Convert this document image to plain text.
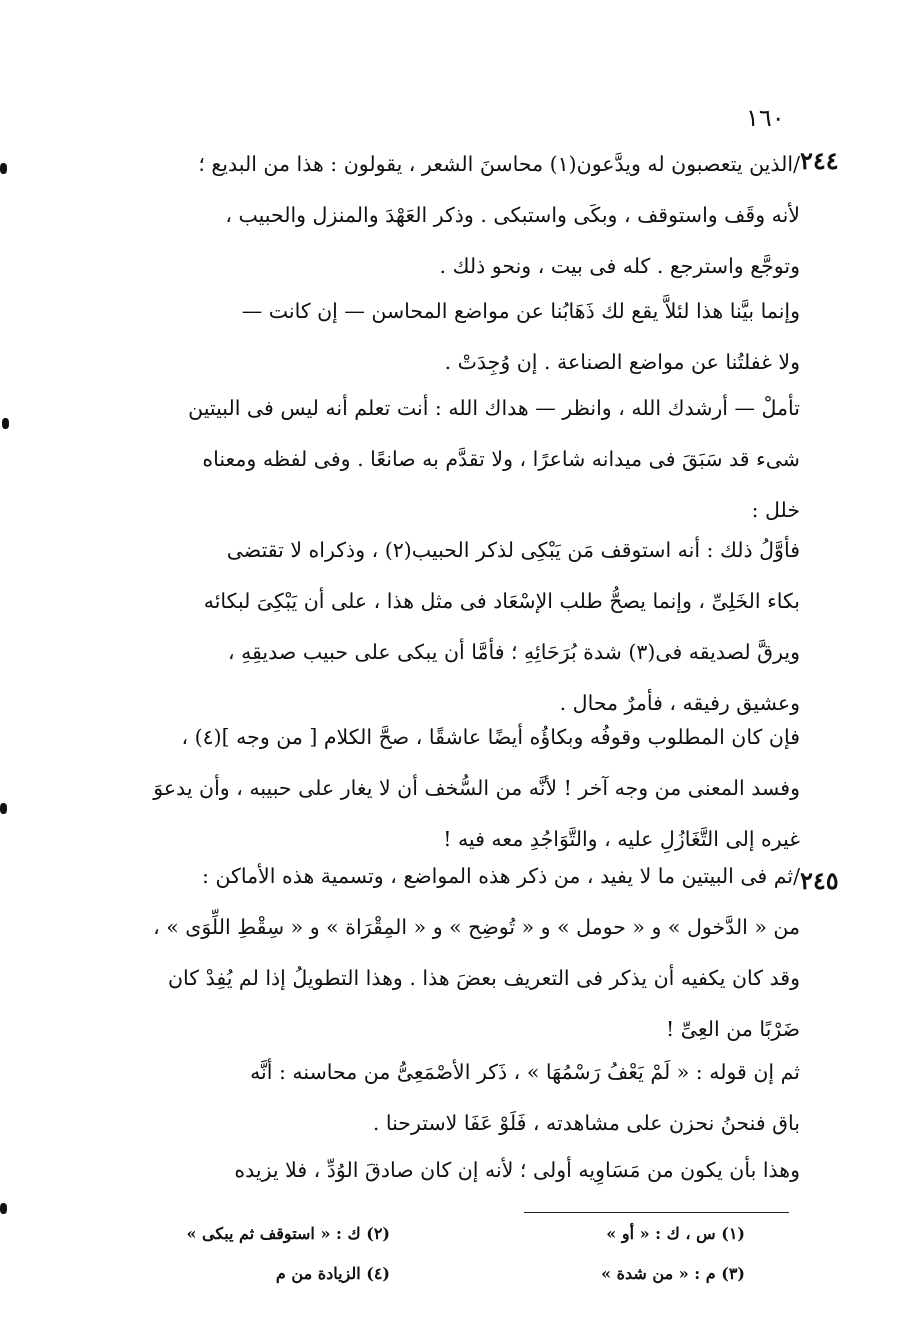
١٦٠
٢٤٤
٢٤٥
/الذين يتعصبون له ويدَّعون(١) محاسنَ الشعر ، يقولون : هذا من البديع ؛
لأنه وقَف واستوقف ، وبكَى واستبكى . وذكر العَهْدَ والمنزل والحبيب ،
وتوجَّع واسترجع . كله فى بيت ، ونحو ذلك .
وإنما بيَّنا هذا لئلاَّ يقع لك ذَهَابُنا عن مواضع المحاسن — إن كانت —
ولا غفلتُنا عن مواضع الصناعة . إن وُجِدَتْ .
تأملْ — أرشدك الله ، وانظر — هداك الله : أنت تعلم أنه ليس فى البيتين
شىء قد سَبَقَ فى ميدانه شاعرًا ، ولا تقدَّم به صانعًا . وفى لفظه ومعناه
خلل :
فأوَّلُ ذلك : أنه استوقف مَن يَبْكِى لذكر الحبيب(٢) ، وذكراه لا تقتضى
بكاء الخَلِىِّ ، وإنما يصحُّ طلب الإسْعَاد فى مثل هذا ، على أن يَبْكِىَ لبكائه
ويرقَّ لصديقه فى(٣) شدة بُرَحَائِهِ ؛ فأمَّا أن يبكى على حبيب صديقِهِ ،
وعشيق رفيقه ، فأمرٌ محال .
فإن كان المطلوب وقوفُه وبكاؤُه أيضًا عاشقًا ، صحَّ الكلام [ من وجه ](٤) ،
وفسد المعنى من وجه آخر ! لأنَّه من السُّخف أن لا يغار على حبيبه ، وأن يدعوَ
غيره إلى التَّغَازُلِ عليه ، والتَّوَاجُدِ معه فيه !
/ثم فى البيتين ما لا يفيد ، من ذكر هذه المواضع ، وتسمية هذه الأماكن :
من « الدَّخول » و « حومل » و « تُوضِح » و « المِقْرَاة » و « سِقْطِ اللِّوَى » ،
وقد كان يكفيه أن يذكر فى التعريف بعضَ هذا . وهذا التطويلُ إذا لم يُفِدْ كان
ضَرْبًا من العِىِّ !
ثم إن قوله : « لَمْ يَعْفُ رَسْمُهَا » ، ذَكر الأصْمَعِىُّ من محاسنه : أنَّه
باق فنحنُ نحزن على مشاهدته ، فَلَوْ عَفَا لاسترحنا .
وهذا بأن يكون من مَسَاوِيه أولى ؛ لأنه إن كان صادقَ الوُدِّ ، فلا يزيده
(١) س ، ك : « أو »
(٢) ك : « استوقف ثم يبكى »
(٣) م : « من شدة »
(٤) الزيادة من م
